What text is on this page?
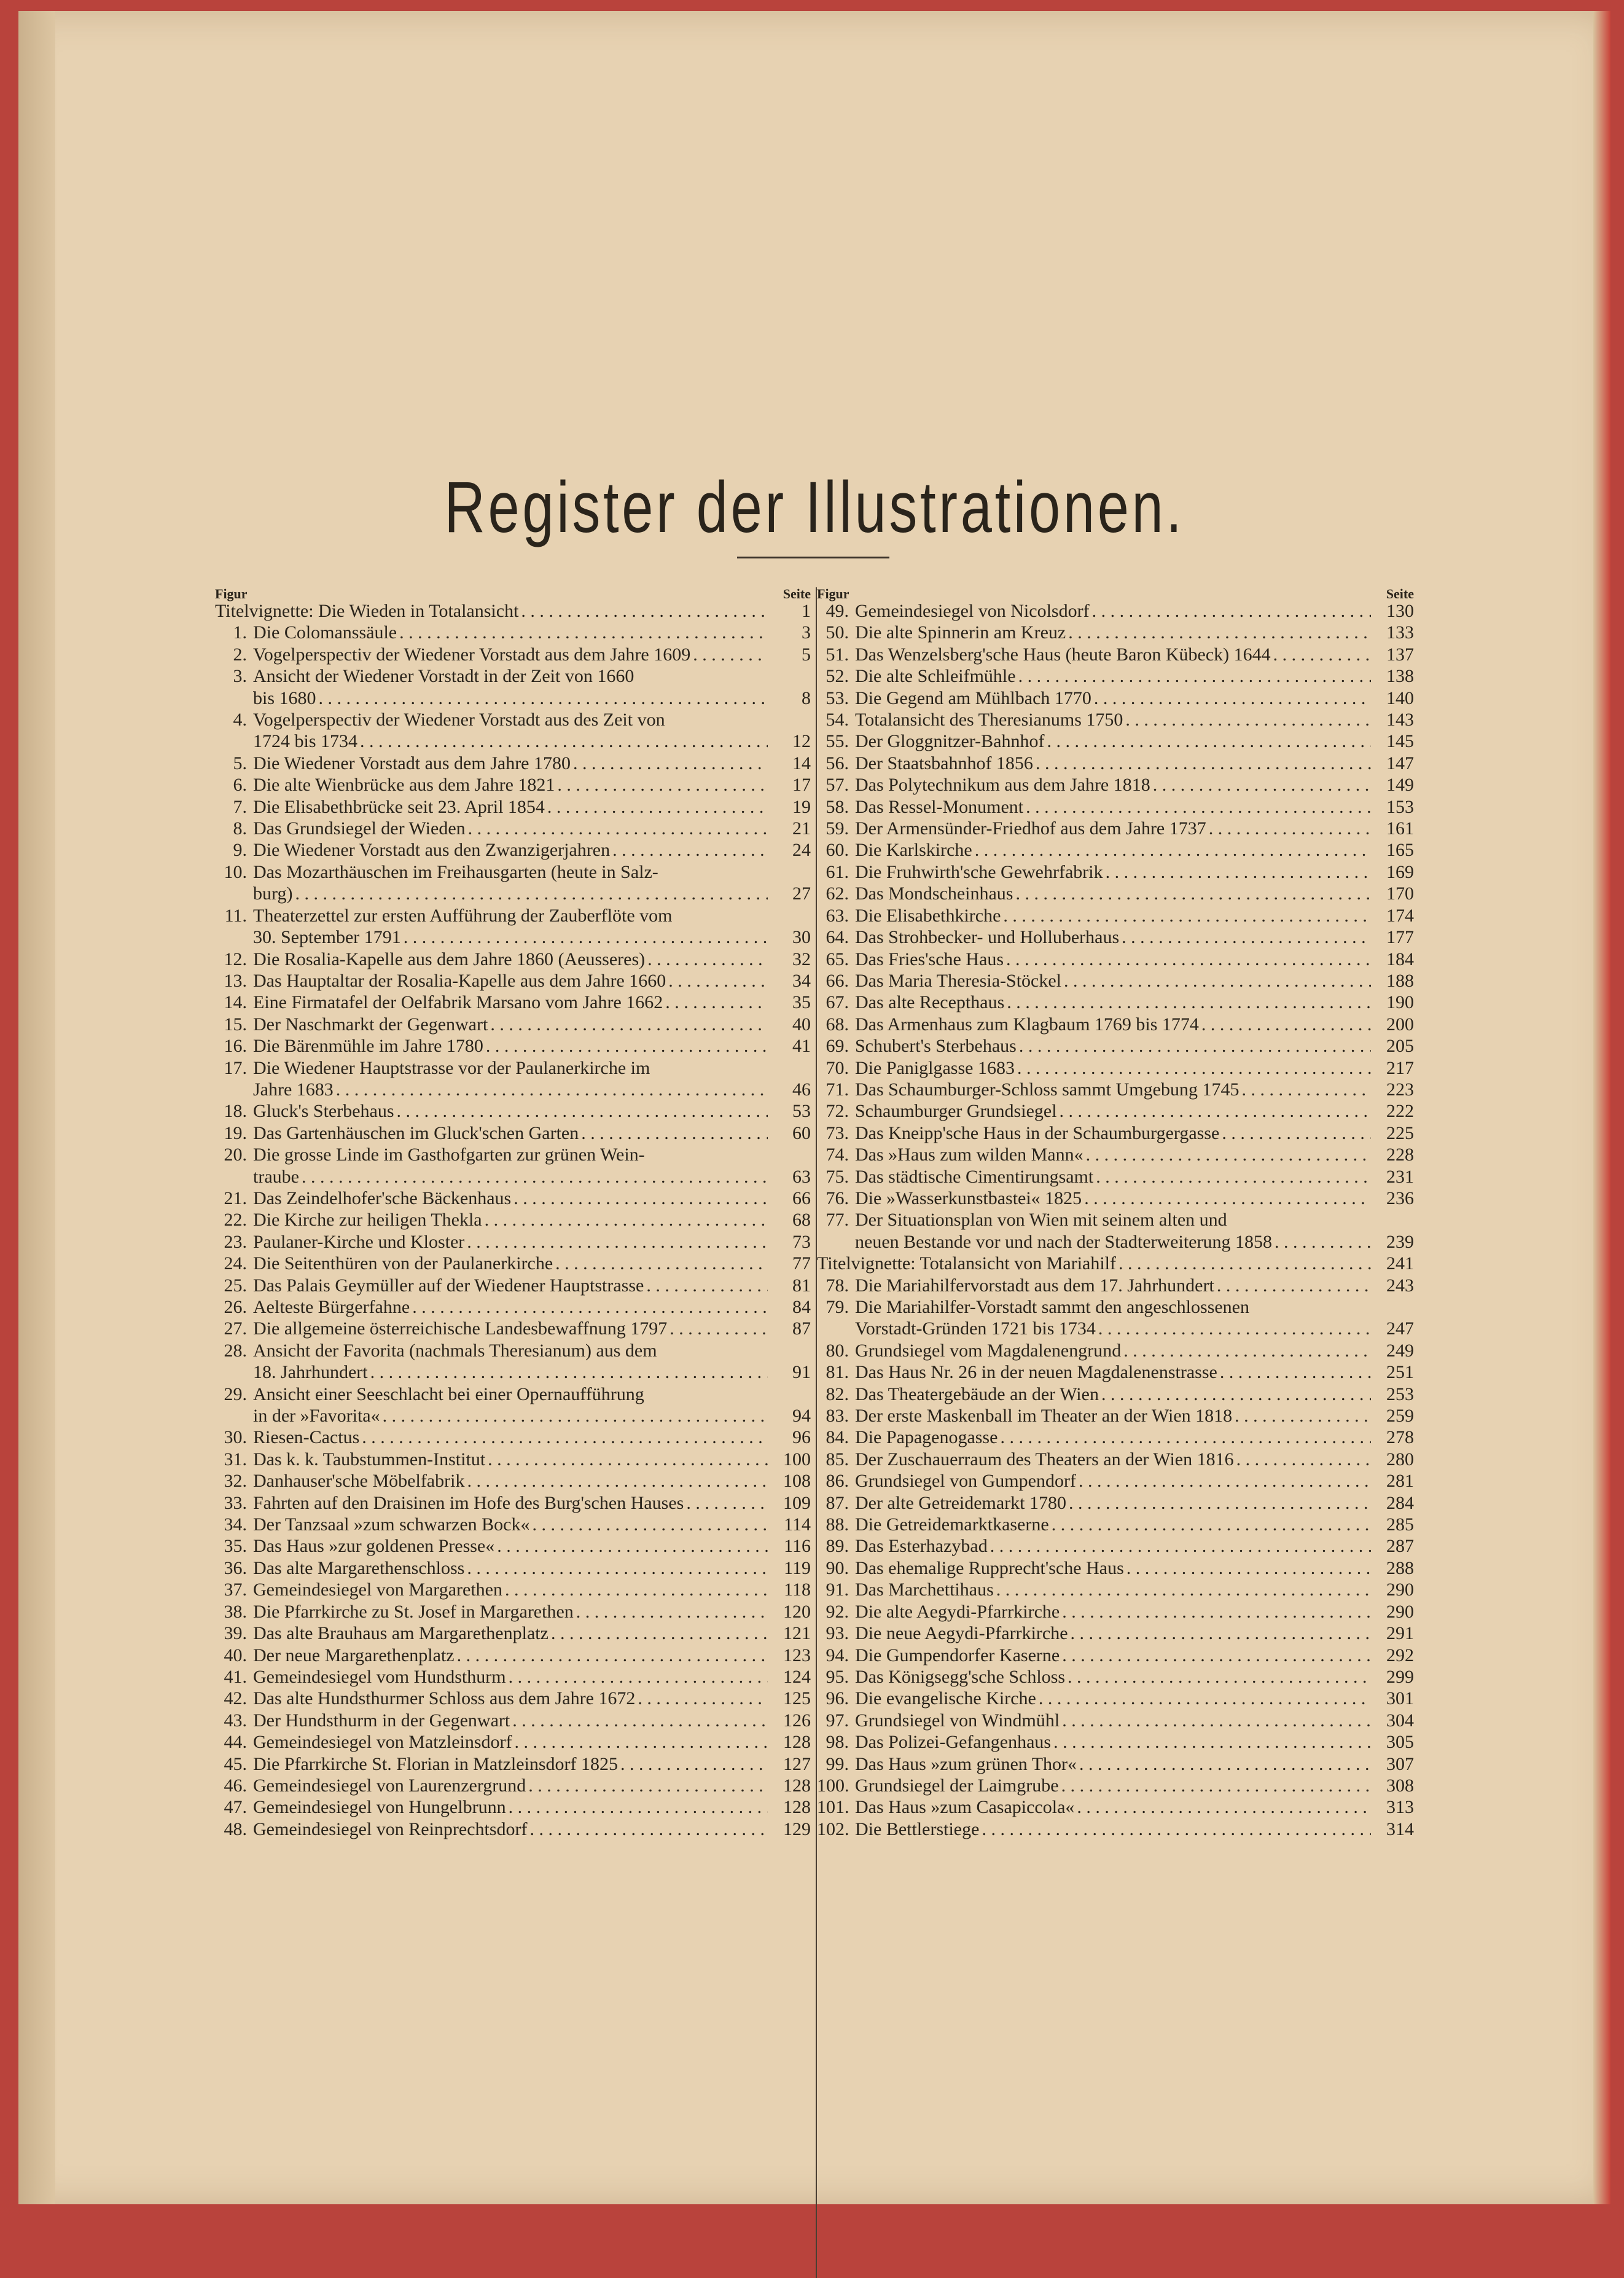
Register der Illustrationen.
Figur	Seite
Titelvignette: Die Wieden in Totalansicht . . .	1
1. Die Colomanssäule . . .	3
2. Vogelperspectiv der Wiedener Vorstadt aus dem Jahre 1609 . . .	5
3. Ansicht der Wiedener Vorstadt in der Zeit von 1660
bis 1680 . . .	8
4. Vogelperspectiv der Wiedener Vorstadt aus des Zeit von
1724 bis 1734 . . .	12
5. Die Wiedener Vorstadt aus dem Jahre 1780 . . .	14
6. Die alte Wienbrücke aus dem Jahre 1821 . . .	17
7. Die Elisabethbrücke seit 23. April 1854 . . .	19
8. Das Grundsiegel der Wieden . . .	21
9. Die Wiedener Vorstadt aus den Zwanzigerjahren . . .	24
10. Das Mozarthäuschen im Freihausgarten (heute in Salz-
burg) . . .	27
11. Theaterzettel zur ersten Aufführung der Zauberflöte vom
30. September 1791 . . .	30
12. Die Rosalia-Kapelle aus dem Jahre 1860 (Aeusseres) . . .	32
13. Das Hauptaltar der Rosalia-Kapelle aus dem Jahre 1660 . . .	34
14. Eine Firmatafel der Oelfabrik Marsano vom Jahre 1662 . . .	35
15. Der Naschmarkt der Gegenwart . . .	40
16. Die Bärenmühle im Jahre 1780 . . .	41
17. Die Wiedener Hauptstrasse vor der Paulanerkirche im
Jahre 1683 . . .	46
18. Gluck's Sterbehaus . . .	53
19. Das Gartenhäuschen im Gluck'schen Garten . . .	60
20. Die grosse Linde im Gasthofgarten zur grünen Wein-
traube . . .	63
21. Das Zeindelhofer'sche Bäckenhaus . . .	66
22. Die Kirche zur heiligen Thekla . . .	68
23. Paulaner-Kirche und Kloster . . .	73
24. Die Seitenthüren von der Paulanerkirche . . .	77
25. Das Palais Geymüller auf der Wiedener Hauptstrasse . . .	81
26. Aelteste Bürgerfahne . . .	84
27. Die allgemeine österreichische Landesbewaffnung 1797 . . .	87
28. Ansicht der Favorita (nachmals Theresianum) aus dem
18. Jahrhundert . . .	91
29. Ansicht einer Seeschlacht bei einer Opernaufführung
in der »Favorita« . . .	94
30. Riesen-Cactus . . .	96
31. Das k. k. Taubstummen-Institut . . .	100
32. Danhauser'sche Möbelfabrik . . .	108
33. Fahrten auf den Draisinen im Hofe des Burg'schen Hauses . . .	109
34. Der Tanzsaal »zum schwarzen Bock« . . .	114
35. Das Haus »zur goldenen Presse« . . .	116
36. Das alte Margarethenschloss . . .	119
37. Gemeindesiegel von Margarethen . . .	118
38. Die Pfarrkirche zu St. Josef in Margarethen . . .	120
39. Das alte Brauhaus am Margarethenplatz . . .	121
40. Der neue Margarethenplatz . . .	123
41. Gemeindesiegel vom Hundsthurm . . .	124
42. Das alte Hundsthurmer Schloss aus dem Jahre 1672 . . .	125
43. Der Hundsthurm in der Gegenwart . . .	126
44. Gemeindesiegel von Matzleinsdorf . . .	128
45. Die Pfarrkirche St. Florian in Matzleinsdorf 1825 . . .	127
46. Gemeindesiegel von Laurenzergrund . . .	128
47. Gemeindesiegel von Hungelbrunn . . .	128
48. Gemeindesiegel von Reinprechtsdorf . . .	129
Figur	Seite
49. Gemeindesiegel von Nicolsdorf . . .	130
50. Die alte Spinnerin am Kreuz . . .	133
51. Das Wenzelsberg'sche Haus (heute Baron Kübeck) 1644 . . .	137
52. Die alte Schleifmühle . . .	138
53. Die Gegend am Mühlbach 1770 . . .	140
54. Totalansicht des Theresianums 1750 . . .	143
55. Der Gloggnitzer-Bahnhof . . .	145
56. Der Staatsbahnhof 1856 . . .	147
57. Das Polytechnikum aus dem Jahre 1818 . . .	149
58. Das Ressel-Monument . . .	153
59. Der Armensünder-Friedhof aus dem Jahre 1737 . . .	161
60. Die Karlskirche . . .	165
61. Die Fruhwirth'sche Gewehrfabrik . . .	169
62. Das Mondscheinhaus . . .	170
63. Die Elisabethkirche . . .	174
64. Das Strohbecker- und Holluberhaus . . .	177
65. Das Fries'sche Haus . . .	184
66. Das Maria Theresia-Stöckel . . .	188
67. Das alte Recepthaus . . .	190
68. Das Armenhaus zum Klagbaum 1769 bis 1774 . . .	200
69. Schubert's Sterbehaus . . .	205
70. Die Paniglgasse 1683 . . .	217
71. Das Schaumburger-Schloss sammt Umgebung 1745 . . .	223
72. Schaumburger Grundsiegel . . .	222
73. Das Kneipp'sche Haus in der Schaumburgergasse . . .	225
74. Das »Haus zum wilden Mann« . . .	228
75. Das städtische Cimentirungsamt . . .	231
76. Die »Wasserkunstbastei« 1825 . . .	236
77. Der Situationsplan von Wien mit seinem alten und
neuen Bestande vor und nach der Stadterweiterung 1858 . . .	239
Titelvignette: Totalansicht von Mariahilf . . .	241
78. Die Mariahilfervorstadt aus dem 17. Jahrhundert . . .	243
79. Die Mariahilfer-Vorstadt sammt den angeschlossenen
Vorstadt-Gründen 1721 bis 1734 . . .	247
80. Grundsiegel vom Magdalenengrund . . .	249
81. Das Haus Nr. 26 in der neuen Magdalenenstrasse . . .	251
82. Das Theatergebäude an der Wien . . .	253
83. Der erste Maskenball im Theater an der Wien 1818 . . .	259
84. Die Papagenogasse . . .	278
85. Der Zuschauerraum des Theaters an der Wien 1816 . . .	280
86. Grundsiegel von Gumpendorf . . .	281
87. Der alte Getreidemarkt 1780 . . .	284
88. Die Getreidemarktkaserne . . .	285
89. Das Esterhazybad . . .	287
90. Das ehemalige Rupprecht'sche Haus . . .	288
91. Das Marchettihaus . . .	290
92. Die alte Aegydi-Pfarrkirche . . .	290
93. Die neue Aegydi-Pfarrkirche . . .	291
94. Die Gumpendorfer Kaserne . . .	292
95. Das Königsegg'sche Schloss . . .	299
96. Die evangelische Kirche . . .	301
97. Grundsiegel von Windmühl . . .	304
98. Das Polizei-Gefangenhaus . . .	305
99. Das Haus »zum grünen Thor« . . .	307
100. Grundsiegel der Laimgrube . . .	308
101. Das Haus »zum Casapiccola« . . .	313
102. Die Bettlerstiege . . .	314
